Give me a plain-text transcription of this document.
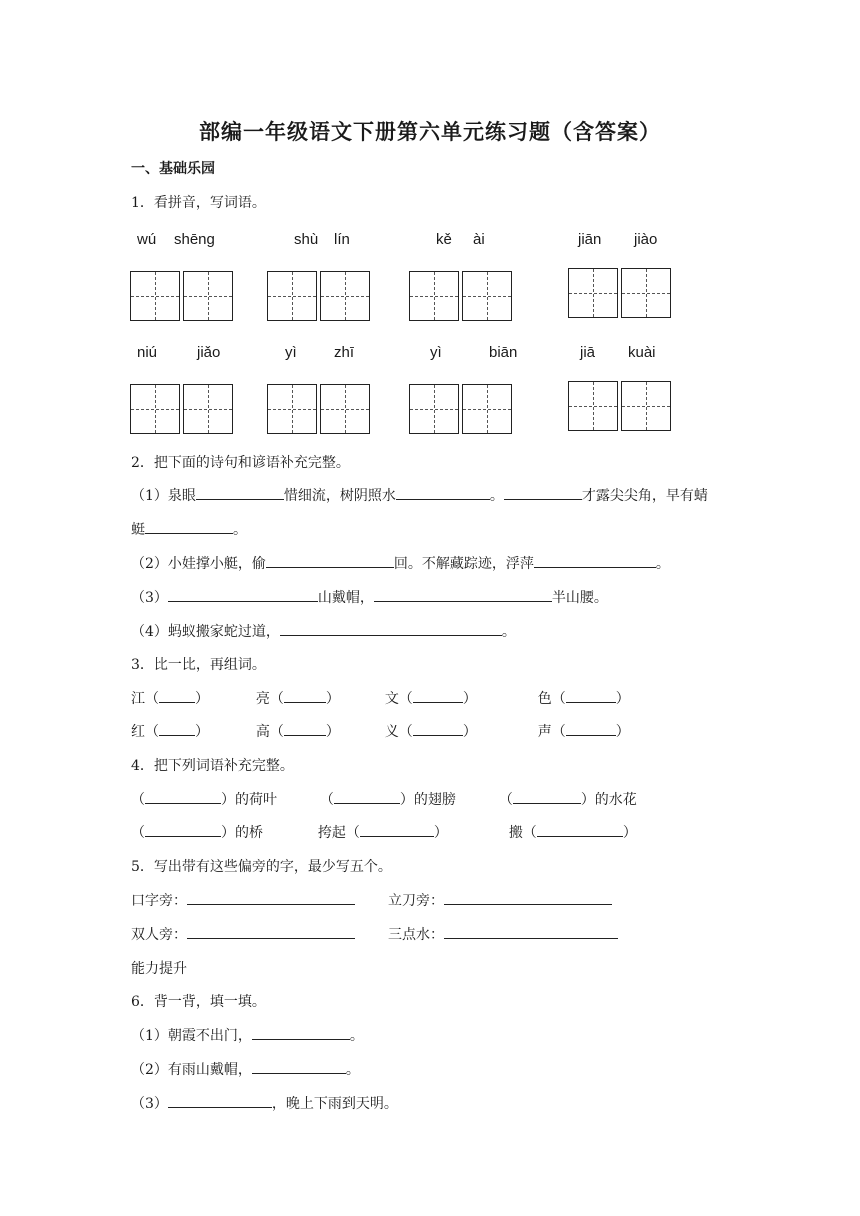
部编一年级语文下册第六单元练习题（含答案）
一、基础乐园
1．看拼音，写词语。
wú shēng	shù lín	kě ài	jiān jiào
niú	jiǎo	yì zhī	yì	biān	jiā kuài
2．把下面的诗句和谚语补充完整。
（1）泉眼	惜细流，树阴照水	。	才露尖尖角，早有蜻
蜓	。
（2）小娃撑小艇，偷	回。不解藏踪迹，浮萍	。
（3）	山戴帽，	半山腰。
（4）蚂蚁搬家蛇过道，	。
3．比一比，再组词。
江（	）	亮（	）	文（	）	色（	）
红（	）	高（	）	义（	）	声（	）
4．把下列词语补充完整。
（	）的荷叶	（	）的翅膀	（	）的水花
（	）的桥	挎起（	）	搬（	）
5．写出带有这些偏旁的字，最少写五个。
口字旁：	立刀旁：
双人旁：	三点水：
能力提升
6．背一背，填一填。
（1）朝霞不出门，	。
（2）有雨山戴帽，	。
（3）	，晚上下雨到天明。
